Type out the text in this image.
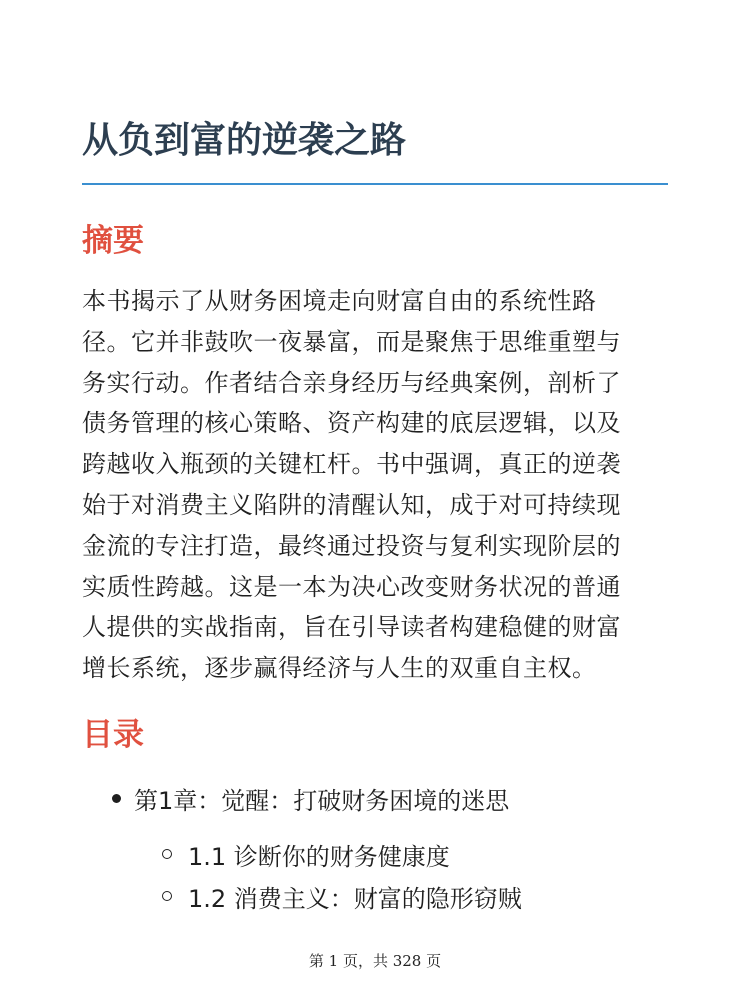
从负到富的逆袭之路
摘要
本书揭示了从财务困境走向财富自由的系统性路
径。它并非鼓吹一夜暴富，而是聚焦于思维重塑与
务实行动。作者结合亲身经历与经典案例，剖析了
债务管理的核心策略、资产构建的底层逻辑，以及
跨越收入瓶颈的关键杠杆。书中强调，真正的逆袭
始于对消费主义陷阱的清醒认知，成于对可持续现
金流的专注打造，最终通过投资与复利实现阶层的
实质性跨越。这是一本为决心改变财务状况的普通
人提供的实战指南，旨在引导读者构建稳健的财富
增长系统，逐步赢得经济与人生的双重自主权。
目录
第1章：觉醒：打破财务困境的迷思
1.1 诊断你的财务健康度
1.2 消费主义：财富的隐形窃贼
第 1 页，共 328 页
